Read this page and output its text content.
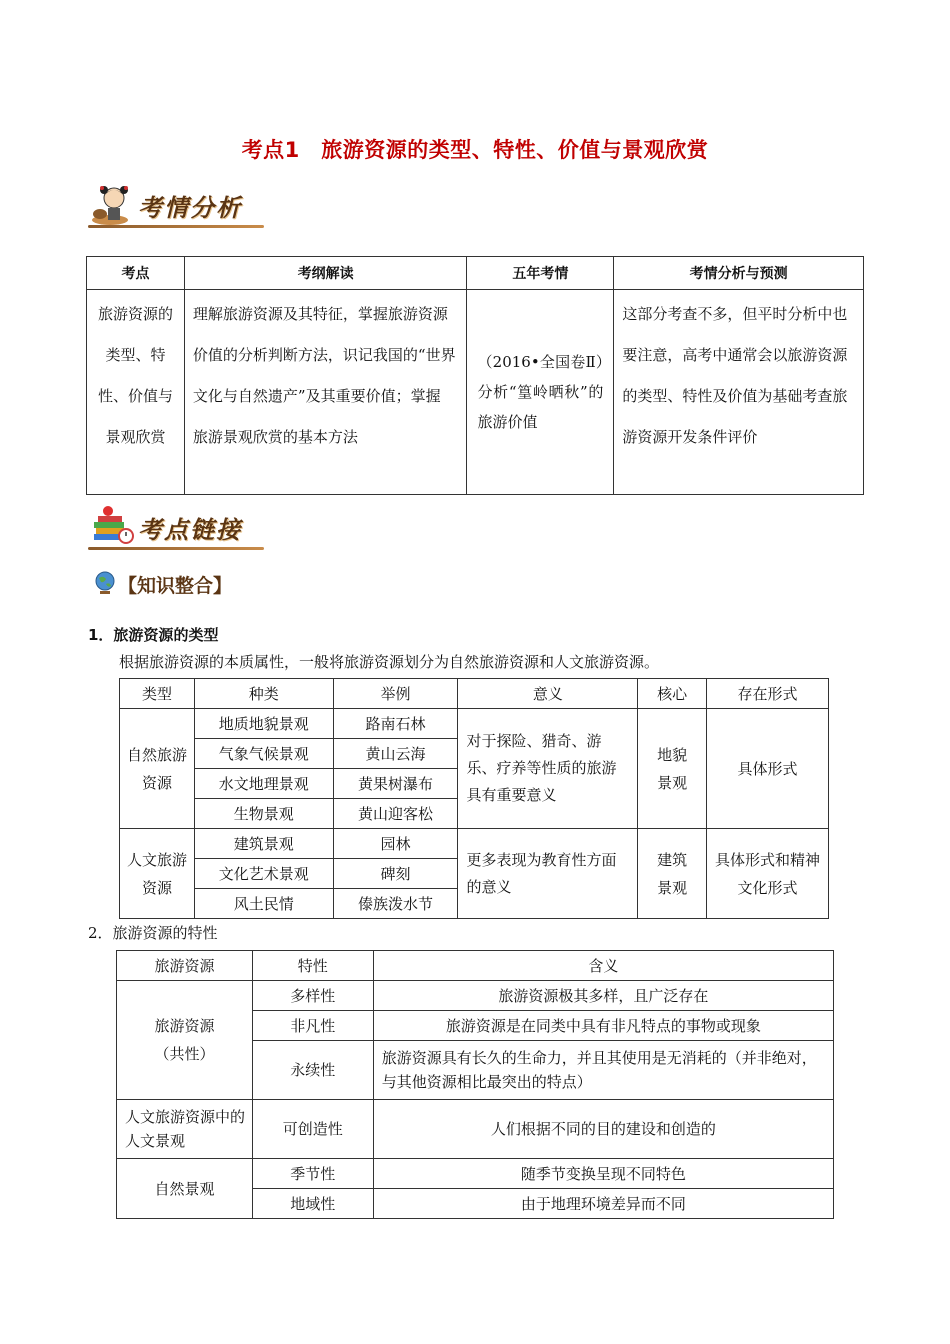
考点1　旅游资源的类型、特性、价值与景观欣赏
考情分析
考点	考纲解读	五年考情	考情分析与预测
旅游资源的类型、特性、价值与景观欣赏	理解旅游资源及其特征，掌握旅游资源价值的分析判断方法，识记我国的“世界文化与自然遗产”及其重要价值；掌握 旅游景观欣赏的基本方法	（2016•全国卷Ⅱ）分析“篁岭晒秋”的旅游价值	这部分考查不多，但平时分析中也要注意，高考中通常会以旅游资源的类型、特性及价值为基础考查旅游资源开发条件评价
考点链接
【知识整合】
1．旅游资源的类型
根据旅游资源的本质属性，一般将旅游资源划分为自然旅游资源和人文旅游资源。
类型	种类	举例	意义	核心	存在形式
自然旅游资源	地质地貌景观	路南石林	对于探险、猎奇、游乐、疗养等性质的旅游具有重要意义	地貌景观	具体形式
	气象气候景观	黄山云海			
	水文地理景观	黄果树瀑布			
	生物景观	黄山迎客松			
人文旅游资源	建筑景观	园林	更多表现为教育性方面的意义	建筑景观	具体形式和精神文化形式
	文化艺术景观	碑刻			
	风土民情	傣族泼水节			
2．旅游资源的特性
旅游资源	特性	含义
旅游资源（共性）	多样性	旅游资源极其多样，且广泛存在
	非凡性	旅游资源是在同类中具有非凡特点的事物或现象
	永续性	旅游资源具有长久的生命力，并且其使用是无消耗的（并非绝对，与其他资源相比最突出的特点）
人文旅游资源中的人文景观	可创造性	人们根据不同的目的建设和创造的
自然景观	季节性	随季节变换呈现不同特色
	地域性	由于地理环境差异而不同
